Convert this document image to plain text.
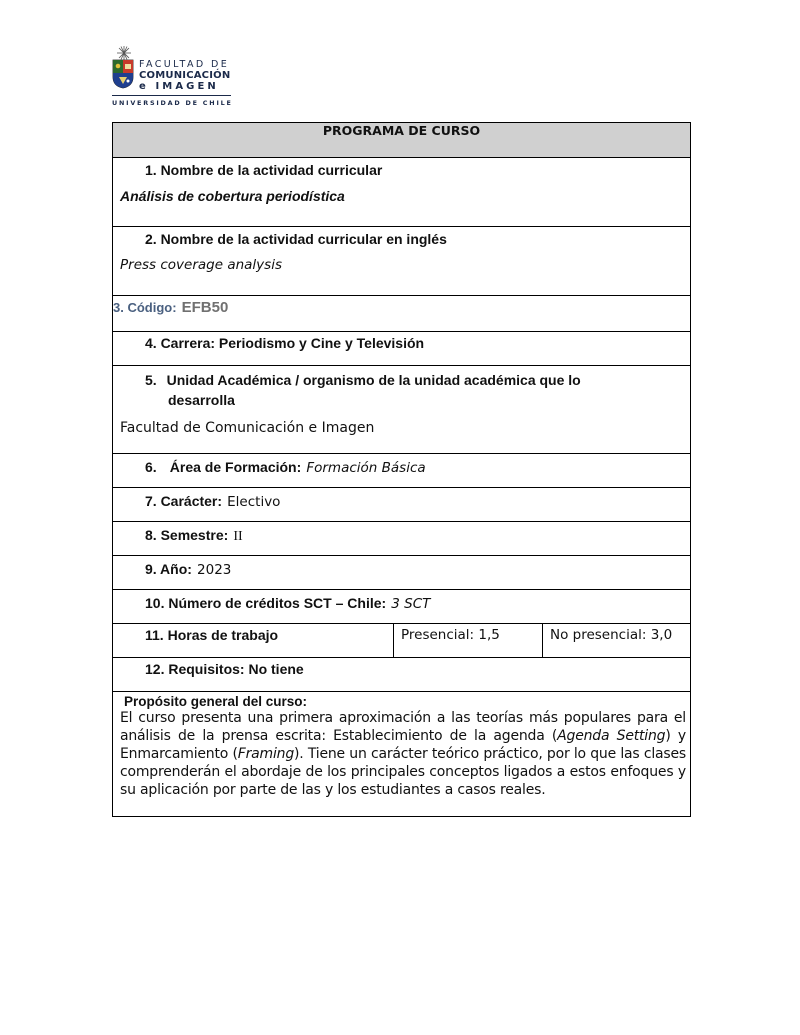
FACULTAD DE
COMUNICACIÓN
e IMAGEN
UNIVERSIDAD DE CHILE
PROGRAMA DE CURSO

1. Nombre de la actividad curricular
Análisis de cobertura periodística

2. Nombre de la actividad curricular en inglés
Press coverage analysis

3. Código: EFB50

4. Carrera: Periodismo y Cine y Televisión

5. Unidad Académica / organismo de la unidad académica que lo
desarrolla
Facultad de Comunicación e Imagen

6. Área de Formación: Formación Básica

7. Carácter: Electivo

8. Semestre: II

9. Año: 2023

10. Número de créditos SCT – Chile: 3 SCT

11. Horas de trabajo	Presencial: 1,5	No presencial: 3,0

12. Requisitos: No tiene

Propósito general del curso:
El curso presenta una primera aproximación a las teorías más populares para el análisis de la prensa escrita: Establecimiento de la agenda (Agenda Setting) y Enmarcamiento (Framing). Tiene un carácter teórico práctico, por lo que las clases comprenderán el abordaje de los principales conceptos ligados a estos enfoques y su aplicación por parte de las y los estudiantes a casos reales.
